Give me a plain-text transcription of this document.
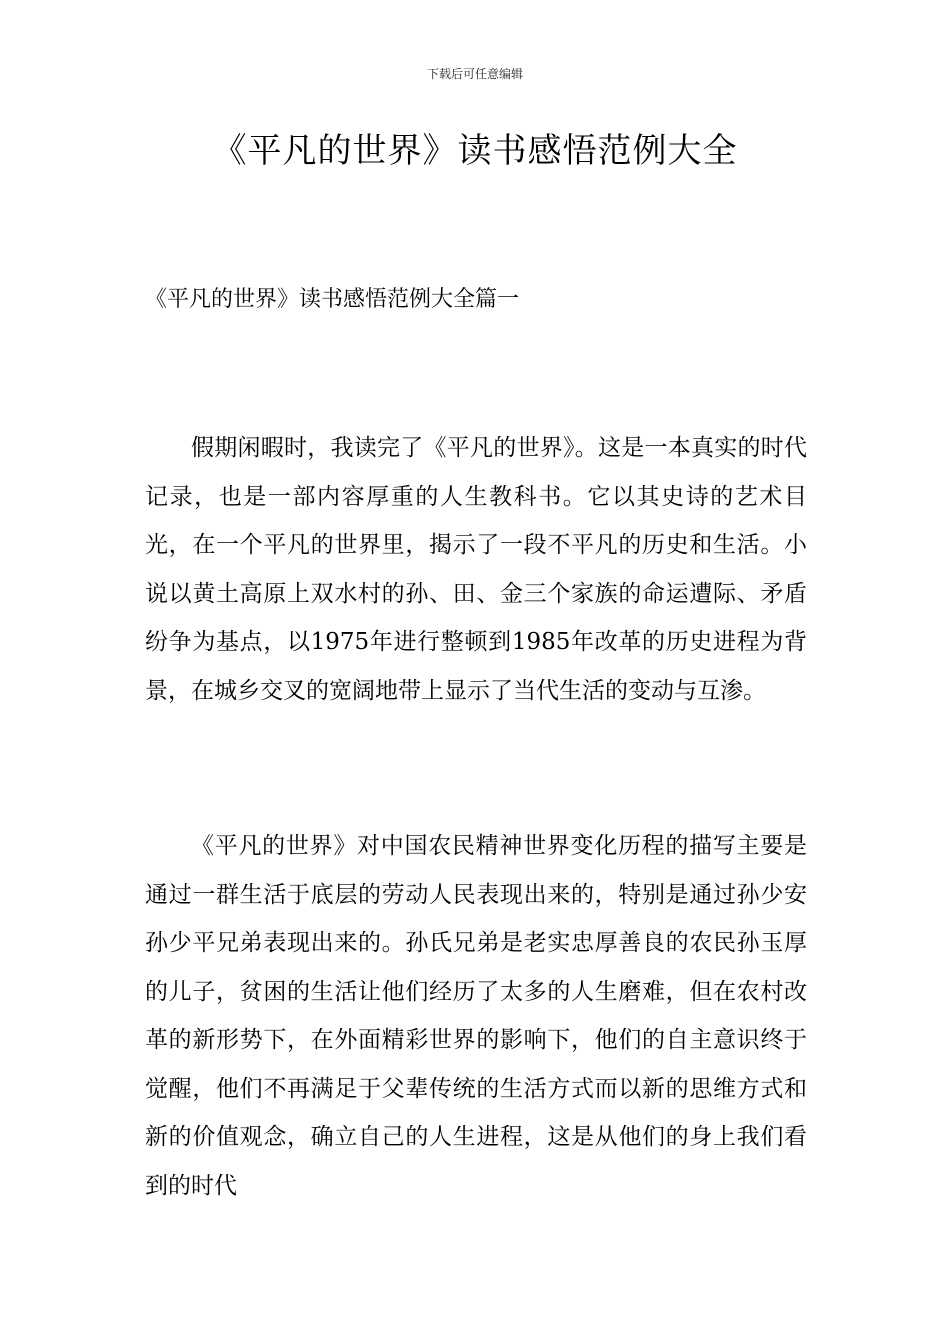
下载后可任意编辑
《平凡的世界》读书感悟范例大全
《平凡的世界》读书感悟范例大全篇一

假期闲暇时，我读完了《平凡的世界》。这是一本真实的时代记录，也是一部内容厚重的人生教科书。它以其史诗的艺术目光，在一个平凡的世界里，揭示了一段不平凡的历史和生活。小说以黄土高原上双水村的孙、田、金三个家族的命运遭际、矛盾纷争为基点，以1975年进行整顿到1985年改革的历史进程为背景，在城乡交叉的宽阔地带上显示了当代生活的变动与互渗。

《平凡的世界》对中国农民精神世界变化历程的描写主要是通过一群生活于底层的劳动人民表现出来的，特别是通过孙少安孙少平兄弟表现出来的。孙氏兄弟是老实忠厚善良的农民孙玉厚的儿子，贫困的生活让他们经历了太多的人生磨难，但在农村改革的新形势下，在外面精彩世界的影响下，他们的自主意识终于觉醒，他们不再满足于父辈传统的生活方式而以新的思维方式和新的价值观念，确立自己的人生进程，这是从他们的身上我们看到的时代
